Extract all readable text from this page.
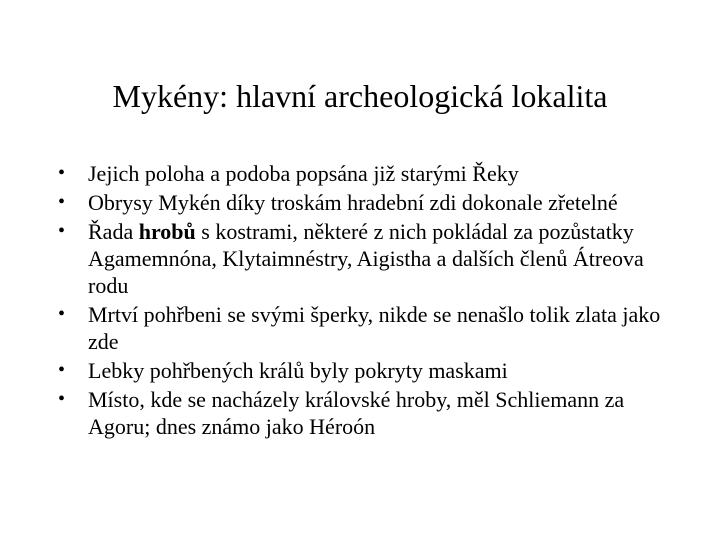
Mykény: hlavní archeologická lokalita
• Jejich poloha a podoba popsána již starými Řeky
• Obrysy Mykén díky troskám hradební zdi dokonale zřetelné
• Řada hrobů s kostrami, některé z nich pokládal za pozůstatky Agamemnóna, Klytaimnéstry, Aigistha a dalších členů Átreova rodu
• Mrtví pohřbeni se svými šperky, nikde se nenašlo tolik zlata jako zde
• Lebky pohřbených králů byly pokryty maskami
• Místo, kde se nacházely královské hroby, měl Schliemann za Agoru; dnes známo jako Hérоón
